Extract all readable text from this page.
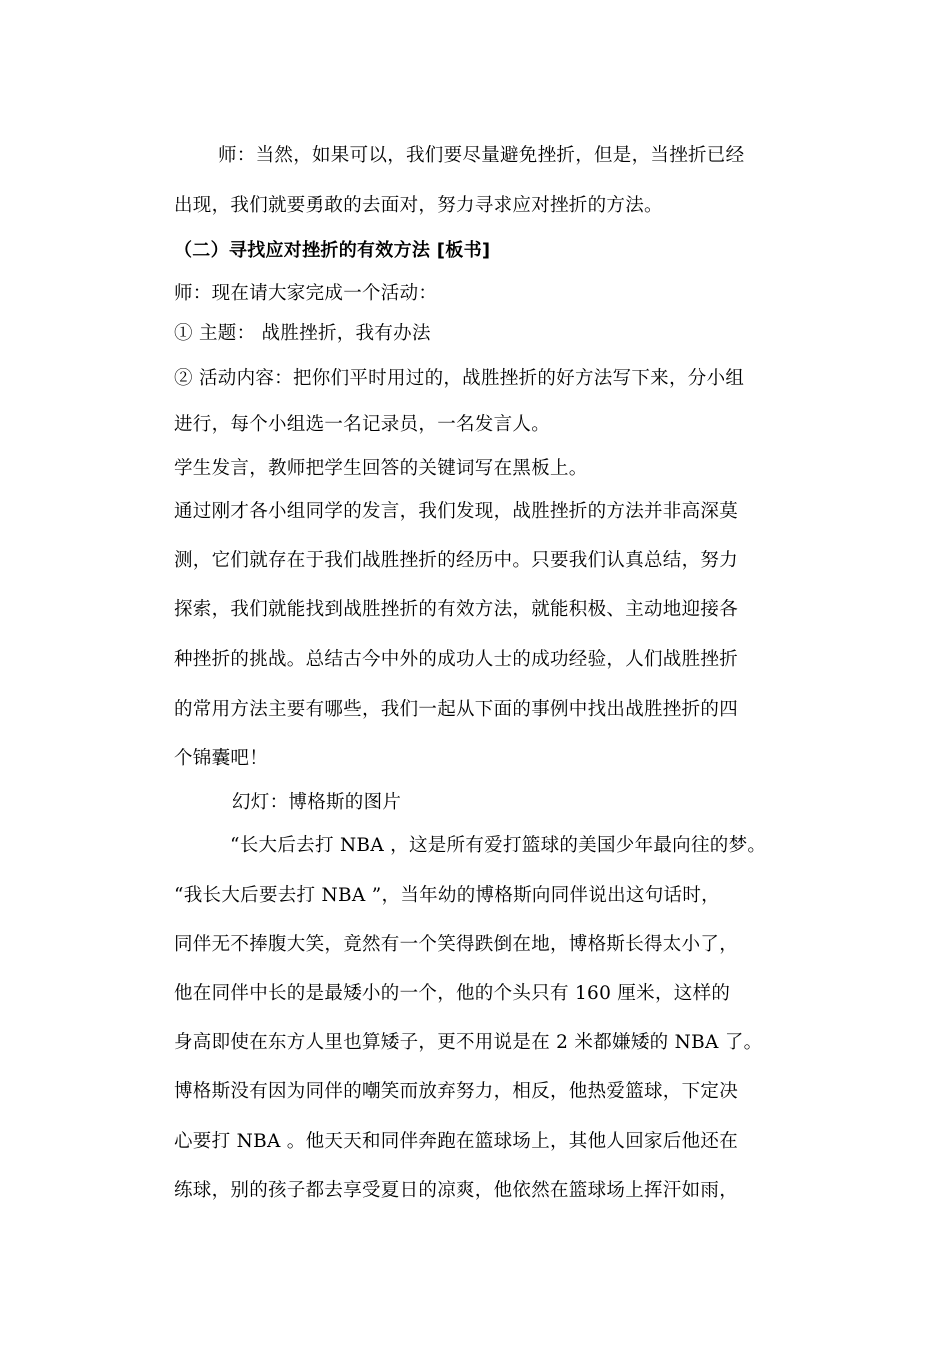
师：当然，如果可以，我们要尽量避免挫折，但是，当挫折已经
出现，我们就要勇敢的去面对，努力寻求应对挫折的方法。
（二）寻找应对挫折的有效方法 [板书]
师：现在请大家完成一个活动：
① 主题： 战胜挫折，我有办法
② 活动内容：把你们平时用过的，战胜挫折的好方法写下来，分小组
进行，每个小组选一名记录员，一名发言人。
学生发言，教师把学生回答的关键词写在黑板上。
通过刚才各小组同学的发言，我们发现，战胜挫折的方法并非高深莫
测，它们就存在于我们战胜挫折的经历中。只要我们认真总结，努力
探索，我们就能找到战胜挫折的有效方法，就能积极、主动地迎接各
种挫折的挑战。总结古今中外的成功人士的成功经验，人们战胜挫折
的常用方法主要有哪些，我们一起从下面的事例中找出战胜挫折的四
个锦囊吧！
幻灯：博格斯的图片
“长大后去打 NBA ，这是所有爱打篮球的美国少年最向往的梦。
“我长大后要去打 NBA ”，当年幼的博格斯向同伴说出这句话时，
同伴无不捧腹大笑，竟然有一个笑得跌倒在地，博格斯长得太小了，
他在同伴中长的是最矮小的一个，他的个头只有 160 厘米，这样的
身高即使在东方人里也算矮子，更不用说是在 2 米都嫌矮的 NBA 了。
博格斯没有因为同伴的嘲笑而放弃努力，相反，他热爱篮球，下定决
心要打 NBA 。他天天和同伴奔跑在篮球场上，其他人回家后他还在
练球，别的孩子都去享受夏日的凉爽，他依然在篮球场上挥汗如雨，
